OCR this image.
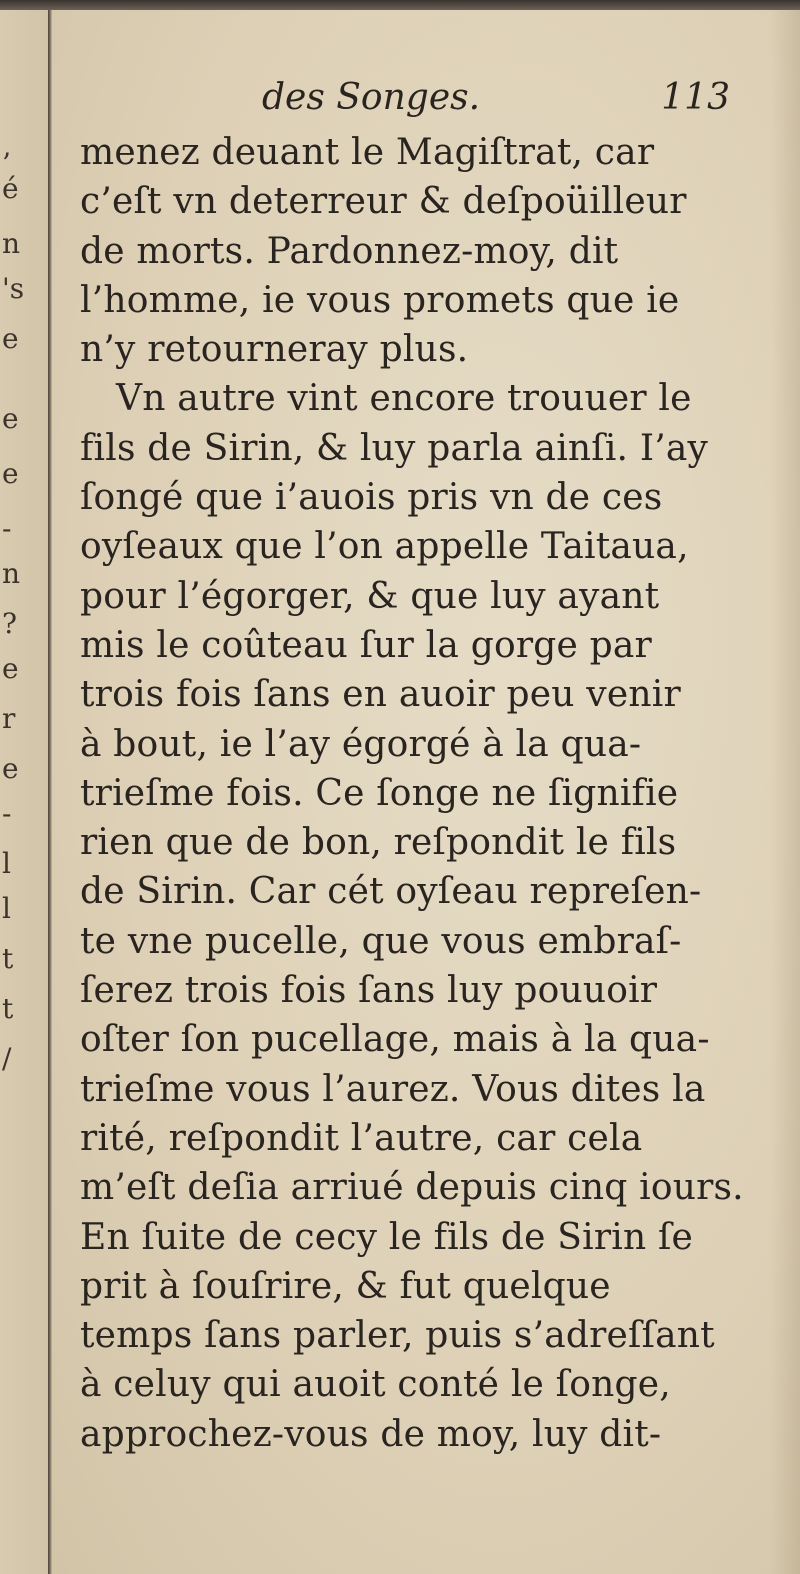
’
é
n
's
e
e
e
-
n
?
e
r
e
-
l
l
t
t
/
des Songes.	113
menez deuant le Magiſtrat, car
c’eſt vn deterreur & deſpoüilleur
de morts. Pardonnez-moy, dit
l’homme, ie vous promets que ie
n’y retourneray plus.
Vn autre vint encore trouuer le
fils de Sirin, & luy parla ainſi. I’ay
ſongé que i’auois pris vn de ces
oyſeaux que l’on appelle Taitaua,
pour l’égorger, & que luy ayant
mis le coûteau ſur la gorge par
trois fois ſans en auoir peu venir
à bout, ie l’ay égorgé à la qua-
trieſme fois. Ce ſonge ne ſignifie
rien que de bon, reſpondit le fils
de Sirin. Car cét oyſeau repreſen-
te vne pucelle, que vous embraſ-
ſerez trois fois ſans luy pouuoir
oſter ſon pucellage, mais à la qua-
trieſme vous l’aurez. Vous dites la
rité, reſpondit l’autre, car cela
m’eſt deſia arriué depuis cinq iours.
En ſuite de cecy le fils de Sirin ſe
prit à ſouſrire, & fut quelque
temps ſans parler, puis s’adreſſant
à celuy qui auoit conté le ſonge,
approchez-vous de moy, luy dit-
